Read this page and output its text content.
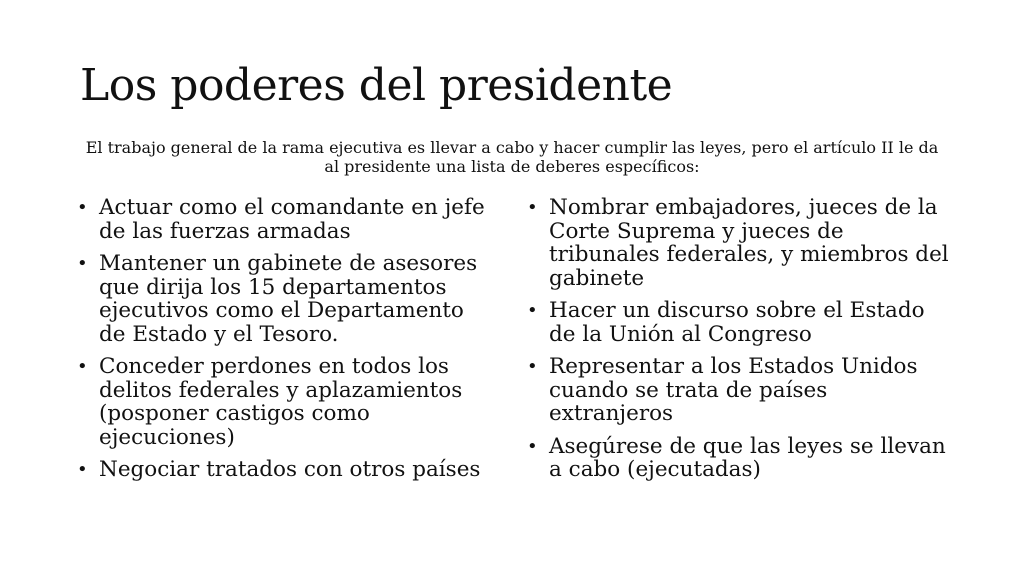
Los poderes del presidente

El trabajo general de la rama ejecutiva es llevar a cabo y hacer cumplir las leyes, pero el artículo II le da al presidente una lista de deberes específicos:

• Actuar como el comandante en jefe de las fuerzas armadas
• Mantener un gabinete de asesores que dirija los 15 departamentos ejecutivos como el Departamento de Estado y el Tesoro.
• Conceder perdones en todos los delitos federales y aplazamientos (posponer castigos como ejecuciones)
• Negociar tratados con otros países
• Nombrar embajadores, jueces de la Corte Suprema y jueces de tribunales federales, y miembros del gabinete
• Hacer un discurso sobre el Estado de la Unión al Congreso
• Representar a los Estados Unidos cuando se trata de países extranjeros
• Asegúrese de que las leyes se llevan a cabo (ejecutadas)
